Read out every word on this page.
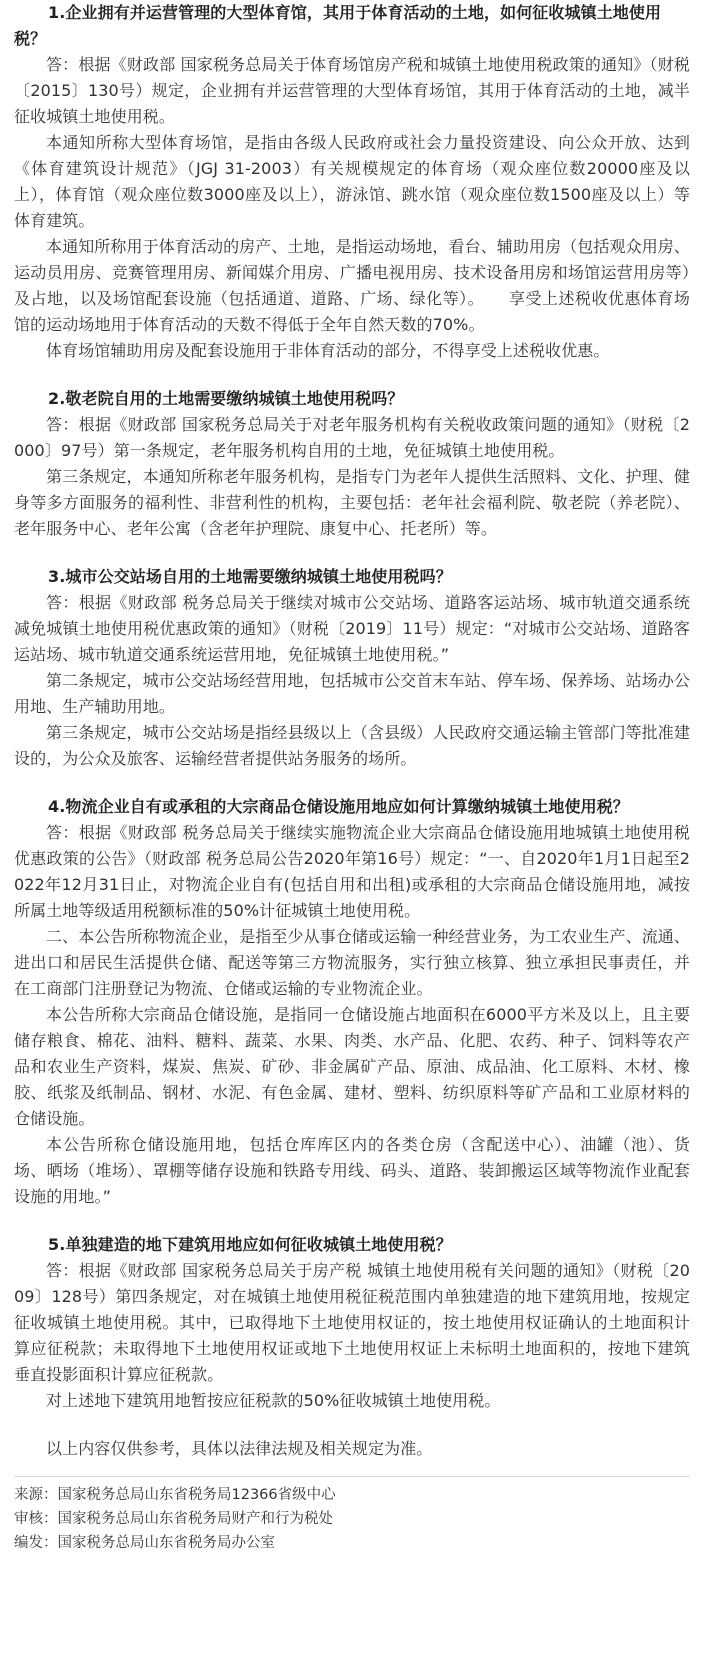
1.企业拥有并运营管理的大型体育馆，其用于体育活动的土地，如何征收城镇土地使用税？

答：根据《财政部 国家税务总局关于体育场馆房产税和城镇土地使用税政策的通知》（财税〔2015〕130号）规定，企业拥有并运营管理的大型体育场馆，其用于体育活动的土地，减半征收城镇土地使用税。

本通知所称大型体育场馆，是指由各级人民政府或社会力量投资建设、向公众开放、达到《体育建筑设计规范》（JGJ 31-2003）有关规模规定的体育场（观众座位数20000座及以上），体育馆（观众座位数3000座及以上），游泳馆、跳水馆（观众座位数1500座及以上）等体育建筑。

本通知所称用于体育活动的房产、土地，是指运动场地，看台、辅助用房（包括观众用房、运动员用房、竞赛管理用房、新闻媒介用房、广播电视用房、技术设备用房和场馆运营用房等）及占地，以及场馆配套设施（包括通道、道路、广场、绿化等）。　　享受上述税收优惠体育场馆的运动场地用于体育活动的天数不得低于全年自然天数的70%。

体育场馆辅助用房及配套设施用于非体育活动的部分，不得享受上述税收优惠。

2.敬老院自用的土地需要缴纳城镇土地使用税吗？

答：根据《财政部 国家税务总局关于对老年服务机构有关税收政策问题的通知》（财税〔2000〕97号）第一条规定，老年服务机构自用的土地，免征城镇土地使用税。

第三条规定，本通知所称老年服务机构，是指专门为老年人提供生活照料、文化、护理、健身等多方面服务的福利性、非营利性的机构，主要包括：老年社会福利院、敬老院（养老院）、老年服务中心、老年公寓（含老年护理院、康复中心、托老所）等。

3.城市公交站场自用的土地需要缴纳城镇土地使用税吗？

答：根据《财政部 税务总局关于继续对城市公交站场、道路客运站场、城市轨道交通系统减免城镇土地使用税优惠政策的通知》（财税〔2019〕11号）规定：“对城市公交站场、道路客运站场、城市轨道交通系统运营用地，免征城镇土地使用税。”

第二条规定，城市公交站场经营用地，包括城市公交首末车站、停车场、保养场、站场办公用地、生产辅助用地。

第三条规定，城市公交站场是指经县级以上（含县级）人民政府交通运输主管部门等批准建设的，为公众及旅客、运输经营者提供站务服务的场所。

4.物流企业自有或承租的大宗商品仓储设施用地应如何计算缴纳城镇土地使用税？

答：根据《财政部 税务总局关于继续实施物流企业大宗商品仓储设施用地城镇土地使用税优惠政策的公告》（财政部 税务总局公告2020年第16号）规定：“一、自2020年1月1日起至2022年12月31日止，对物流企业自有(包括自用和出租)或承租的大宗商品仓储设施用地，减按所属土地等级适用税额标准的50%计征城镇土地使用税。

二、本公告所称物流企业，是指至少从事仓储或运输一种经营业务，为工农业生产、流通、进出口和居民生活提供仓储、配送等第三方物流服务，实行独立核算、独立承担民事责任，并在工商部门注册登记为物流、仓储或运输的专业物流企业。

本公告所称大宗商品仓储设施，是指同一仓储设施占地面积在6000平方米及以上，且主要储存粮食、棉花、油料、糖料、蔬菜、水果、肉类、水产品、化肥、农药、种子、饲料等农产品和农业生产资料，煤炭、焦炭、矿砂、非金属矿产品、原油、成品油、化工原料、木材、橡胶、纸浆及纸制品、钢材、水泥、有色金属、建材、塑料、纺织原料等矿产品和工业原材料的仓储设施。

本公告所称仓储设施用地，包括仓库库区内的各类仓房（含配送中心）、油罐（池）、货场、晒场（堆场）、罩棚等储存设施和铁路专用线、码头、道路、装卸搬运区域等物流作业配套设施的用地。”

5.单独建造的地下建筑用地应如何征收城镇土地使用税？

答：根据《财政部 国家税务总局关于房产税 城镇土地使用税有关问题的通知》（财税〔2009〕128号）第四条规定，对在城镇土地使用税征税范围内单独建造的地下建筑用地，按规定征收城镇土地使用税。其中，已取得地下土地使用权证的，按土地使用权证确认的土地面积计算应征税款；未取得地下土地使用权证或地下土地使用权证上未标明土地面积的，按地下建筑垂直投影面积计算应征税款。

对上述地下建筑用地暂按应征税款的50%征收城镇土地使用税。

以上内容仅供参考，具体以法律法规及相关规定为准。

来源：国家税务总局山东省税务局12366省级中心

审核：国家税务总局山东省税务局财产和行为税处

编发：国家税务总局山东省税务局办公室
